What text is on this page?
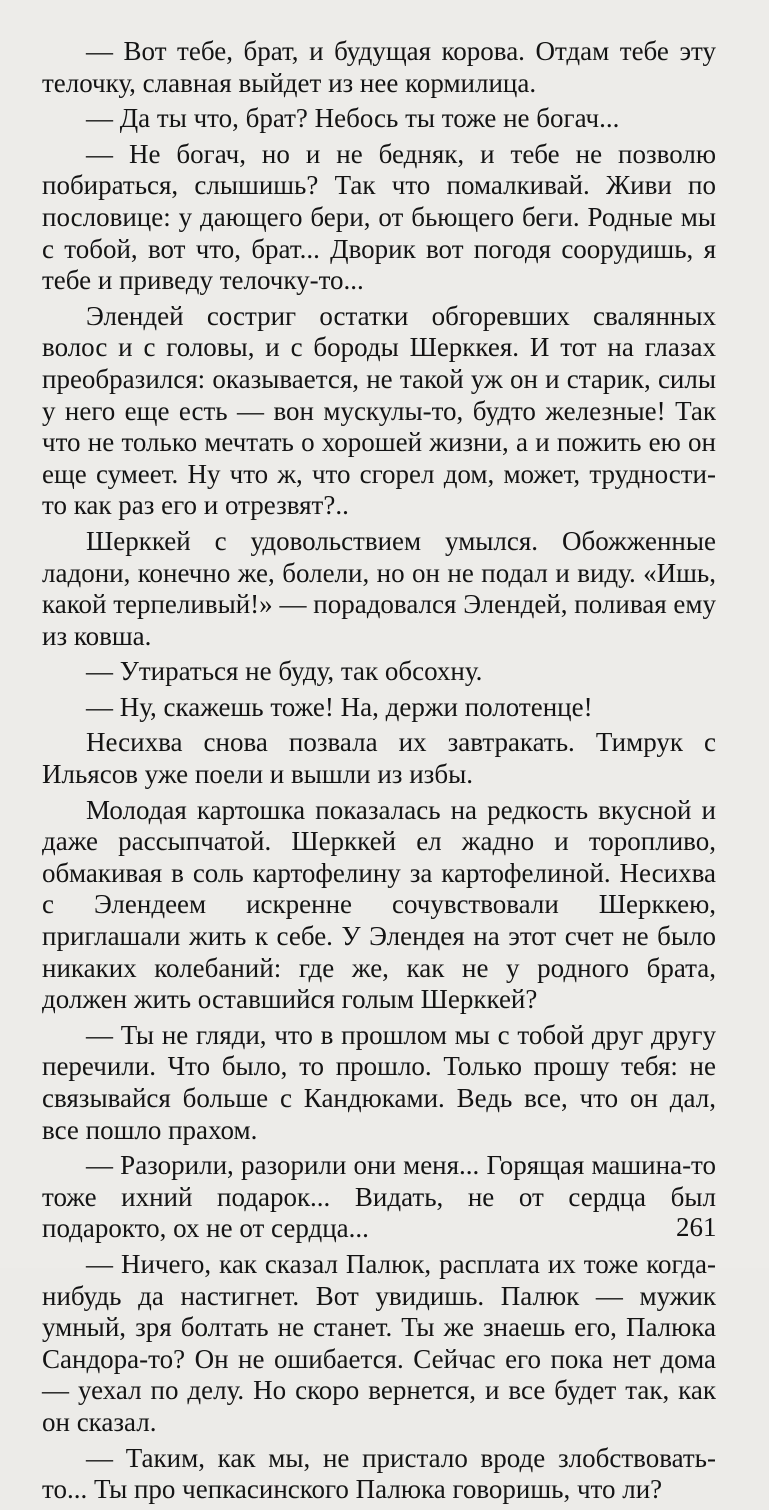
— Вот тебе, брат, и будущая корова. Отдам тебе эту телочку, славная выйдет из нее кормилица.

— Да ты что, брат? Небось ты тоже не богач...

— Не богач, но и не бедняк, и тебе не позволю побираться, слышишь? Так что помалкивай. Живи по пословице: у дающего бери, от бьющего беги. Родные мы с тобой, вот что, брат... Дворик вот погодя соорудишь, я тебе и приведу телочку-то...

Элендей состриг остатки обгоревших свалянных волос и с головы, и с бороды Шерккея. И тот на глазах преобразился: оказывается, не такой уж он и старик, силы у него еще есть — вон мускулы-то, будто железные! Так что не только мечтать о хорошей жизни, а и пожить ею он еще сумеет. Ну что ж, что сгорел дом, может, трудности-то как раз его и отрезвят?..

Шерккей с удовольствием умылся. Обожженные ладони, конечно же, болели, но он не подал и виду. «Ишь, какой терпеливый!» — порадовался Элендей, поливая ему из ковша.

— Утираться не буду, так обсохну.

— Ну, скажешь тоже! На, держи полотенце!

Несихва снова позвала их завтракать. Тимрук с Ильясов уже поели и вышли из избы.

Молодая картошка показалась на редкость вкусной и даже рассыпчатой. Шерккей ел жадно и торопливо, обмакивая в соль картофелину за картофелиной. Несихва с Элендеем искренне сочувствовали Шерккею, приглашали жить к себе. У Элендея на этот счет не было никаких колебаний: где же, как не у родного брата, должен жить оставшийся голым Шерккей?

— Ты не гляди, что в прошлом мы с тобой друг другу перечили. Что было, то прошло. Только прошу тебя: не связывайся больше с Кандюками. Ведь все, что он дал, все пошло прахом.

— Разорили, разорили они меня... Горящая машина-то тоже ихний подарок... Видать, не от сердца был подарокто, ох не от сердца...

— Ничего, как сказал Палюк, расплата их тоже когда-нибудь да настигнет. Вот увидишь. Палюк — мужик умный, зря болтать не станет. Ты же знаешь его, Палюка Сандора-то? Он не ошибается. Сейчас его пока нет дома — уехал по делу. Но скоро вернется, и все будет так, как он сказал.

— Таким, как мы, не пристало вроде злобствовать-то... Ты про чепкасинского Палюка говоришь, что ли?

261
